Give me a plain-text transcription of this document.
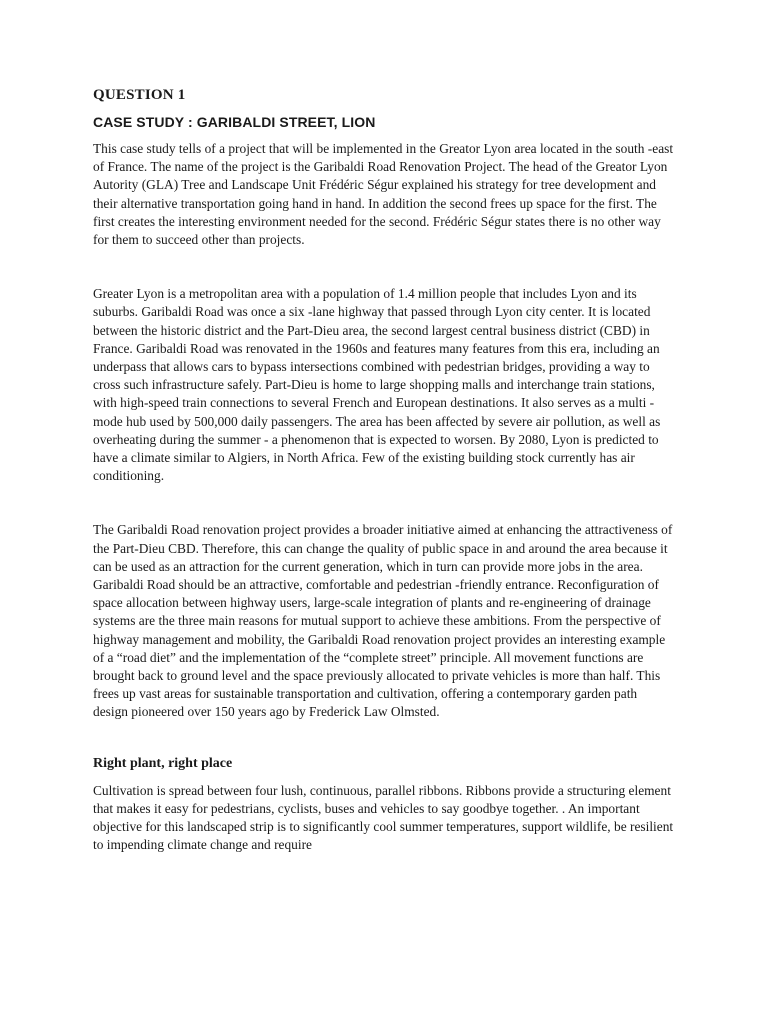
QUESTION 1
CASE STUDY : GARIBALDI STREET, LION

This case study tells of a project that will be implemented in the Greator Lyon area located in the south -east of France. The name of the project is the Garibaldi Road Renovation Project. The head of the Greator Lyon Autority (GLA) Tree and Landscape Unit Frédéric Ségur explained his strategy for tree development and their alternative transportation going hand in hand. In addition the second frees up space for the first. The first creates the interesting environment needed for the second. Frédéric Ségur states there is no other way for them to succeed other than projects.

Greater Lyon is a metropolitan area with a population of 1.4 million people that includes Lyon and its suburbs. Garibaldi Road was once a six -lane highway that passed through Lyon city center. It is located between the historic district and the Part-Dieu area, the second largest central business district (CBD) in France. Garibaldi Road was renovated in the 1960s and features many features from this era, including an underpass that allows cars to bypass intersections combined with pedestrian bridges, providing a way to cross such infrastructure safely. Part-Dieu is home to large shopping malls and interchange train stations, with high-speed train connections to several French and European destinations. It also serves as a multi -mode hub used by 500,000 daily passengers. The area has been affected by severe air pollution, as well as overheating during the summer - a phenomenon that is expected to worsen. By 2080, Lyon is predicted to have a climate similar to Algiers, in North Africa. Few of the existing building stock currently has air conditioning.

The Garibaldi Road renovation project provides a broader initiative aimed at enhancing the attractiveness of the Part-Dieu CBD. Therefore, this can change the quality of public space in and around the area because it can be used as an attraction for the current generation, which in turn can provide more jobs in the area. Garibaldi Road should be an attractive, comfortable and pedestrian -friendly entrance. Reconfiguration of space allocation between highway users, large-scale integration of plants and re-engineering of drainage systems are the three main reasons for mutual support to achieve these ambitions. From the perspective of highway management and mobility, the Garibaldi Road renovation project provides an interesting example of a “road diet” and the implementation of the “complete street” principle. All movement functions are brought back to ground level and the space previously allocated to private vehicles is more than half. This frees up vast areas for sustainable transportation and cultivation, offering a contemporary garden path design pioneered over 150 years ago by Frederick Law Olmsted.

Right plant, right place

Cultivation is spread between four lush, continuous, parallel ribbons. Ribbons provide a structuring element that makes it easy for pedestrians, cyclists, buses and vehicles to say goodbye together. . An important objective for this landscaped strip is to significantly cool summer temperatures, support wildlife, be resilient to impending climate change and require
